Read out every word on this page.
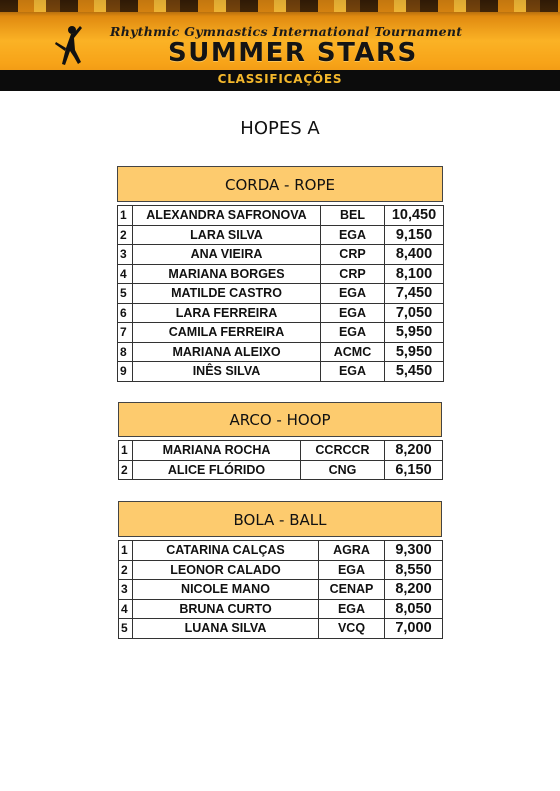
Rhythmic Gymnastics International Tournament
SUMMER STARS
CLASSIFICAÇÕES
HOPES A
CORDA - ROPE
1	ALEXANDRA SAFRONOVA	BEL	10,450
2	LARA SILVA	EGA	9,150
3	ANA VIEIRA	CRP	8,400
4	MARIANA BORGES	CRP	8,100
5	MATILDE CASTRO	EGA	7,450
6	LARA FERREIRA	EGA	7,050
7	CAMILA FERREIRA	EGA	5,950
8	MARIANA ALEIXO	ACMC	5,950
9	INÊS SILVA	EGA	5,450
ARCO - HOOP
1	MARIANA ROCHA	CCRCCR	8,200
2	ALICE FLÓRIDO	CNG	6,150
BOLA - BALL
1	CATARINA CALÇAS	AGRA	9,300
2	LEONOR CALADO	EGA	8,550
3	NICOLE MANO	CENAP	8,200
4	BRUNA CURTO	EGA	8,050
5	LUANA SILVA	VCQ	7,000
